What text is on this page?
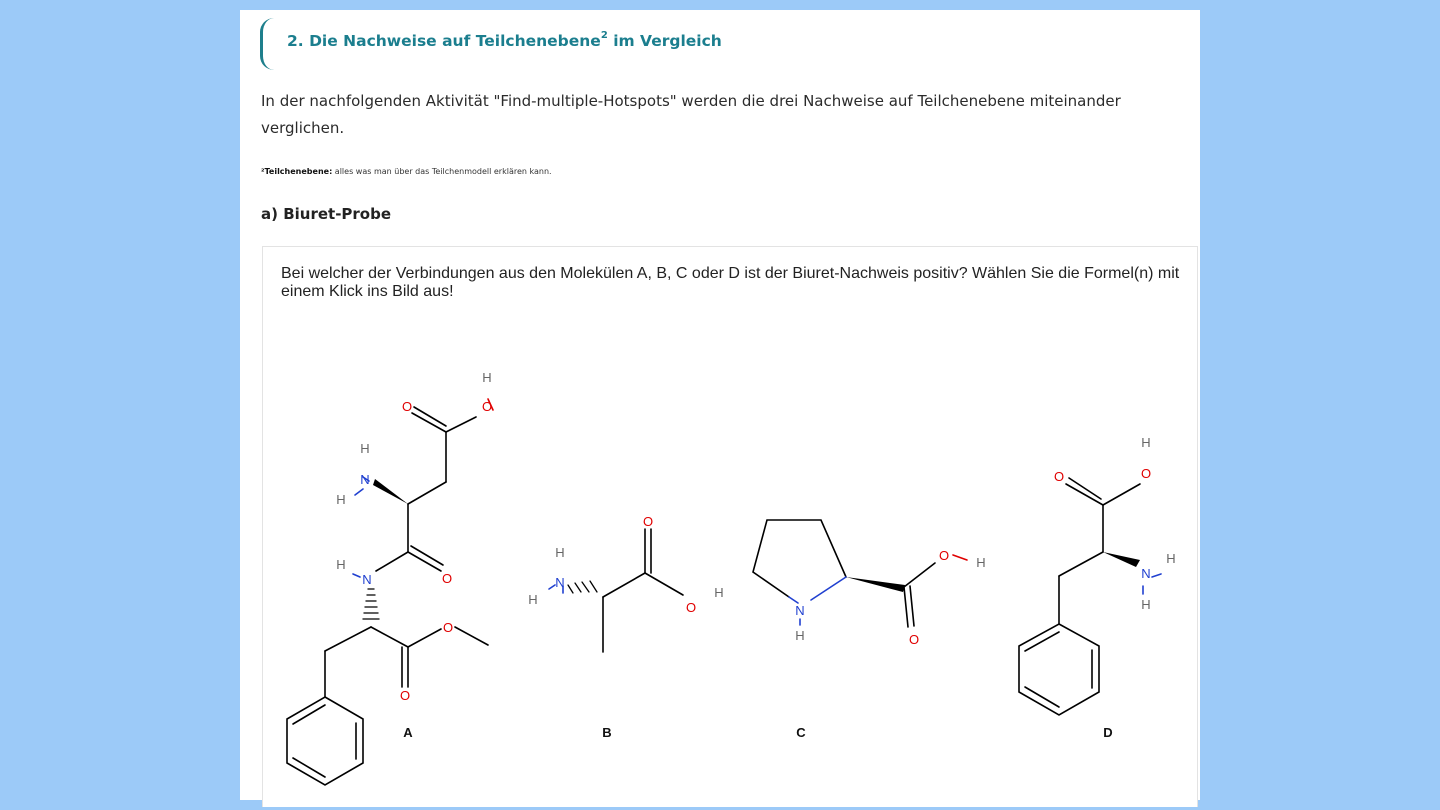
2. Die Nachweise auf Teilchenebene$^2$ im Vergleich
In der nachfolgenden Aktivität "Find-multiple-Hotspots" werden die drei Nachweise auf Teilchenebene miteinander verglichen.
²Teilchenebene: alles was man über das Teilchenmodell erklären kann.
a) Biuret-Probe
Bei welcher der Verbindungen aus den Molekülen A, B, C oder D ist der Biuret-Nachweis positiv? Wählen Sie die Formel(n) mit einem Klick ins Bild aus!
O	O
H
H
N
H
O
H
N
O
O
H
N
H
O
O
H
N
H
O H
O
H
O
O
N
H
H
A	B	C	D
